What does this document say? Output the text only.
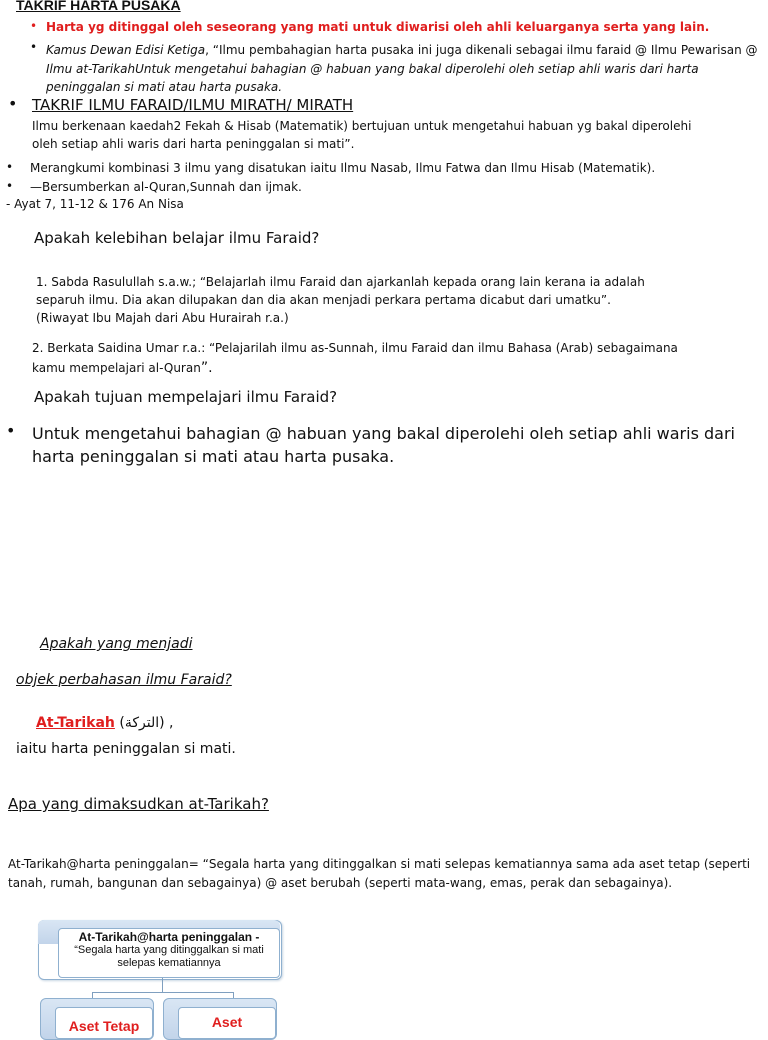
TAKRIF HARTA PUSAKA
• Harta yg ditinggal oleh seseorang yang mati untuk diwarisi oleh ahli keluarganya serta yang lain.
• Kamus Dewan Edisi Ketiga, “Ilmu pembahagian harta pusaka ini juga dikenali sebagai ilmu faraid @ Ilmu Pewarisan @

Ilmu at-TarikahUntuk mengetahui bahagian @ habuan yang bakal diperolehi oleh setiap ahli waris dari harta

peninggalan si mati atau harta pusaka.

• TAKRIF ILMU FARAID/ILMU MIRATH/ MIRATH

Ilmu berkenaan kaedah2 Fekah & Hisab (Matematik) bertujuan untuk mengetahui habuan yg bakal diperolehi

oleh setiap ahli waris dari harta peninggalan si mati”.

• Merangkumi kombinasi 3 ilmu yang disatukan iaitu Ilmu Nasab, Ilmu Fatwa dan Ilmu Hisab (Matematik).
• —Bersumberkan al-Quran,Sunnah dan ijmak.
- Ayat 7, 11-12 & 176 An Nisa
Apakah kelebihan belajar ilmu Faraid?

1. Sabda Rasulullah s.a.w.; “Belajarlah ilmu Faraid dan ajarkanlah kepada orang lain kerana ia adalah

separuh ilmu. Dia akan dilupakan dan dia akan menjadi perkara pertama dicabut dari umatku”.

(Riwayat Ibu Majah dari Abu Hurairah r.a.)

2. Berkata Saidina Umar r.a.: “Pelajarilah ilmu as-Sunnah, ilmu Faraid dan ilmu Bahasa (Arab) sebagaimana

kamu mempelajari al-Quran”.

Apakah tujuan mempelajari ilmu Faraid?
• Untuk mengetahui bahagian @ habuan yang bakal diperolehi oleh setiap ahli waris dari

harta peninggalan si mati atau harta pusaka.

Apakah yang menjadi
objek perbahasan ilmu Faraid?
At-Tarikah (التركة) ,
iaitu harta peninggalan si mati.
Apa yang dimaksudkan at-Tarikah?

At-Tarikah@harta peninggalan= “Segala harta yang ditinggalkan si mati selepas kematiannya sama ada aset tetap (seperti

tanah, rumah, bangunan dan sebagainya) @ aset berubah (seperti mata-wang, emas, perak dan sebagainya).

At-Tarikah@harta peninggalan -
“Segala harta yang ditinggalkan si mati
selepas kematiannya
Aset Tetap	Aset
